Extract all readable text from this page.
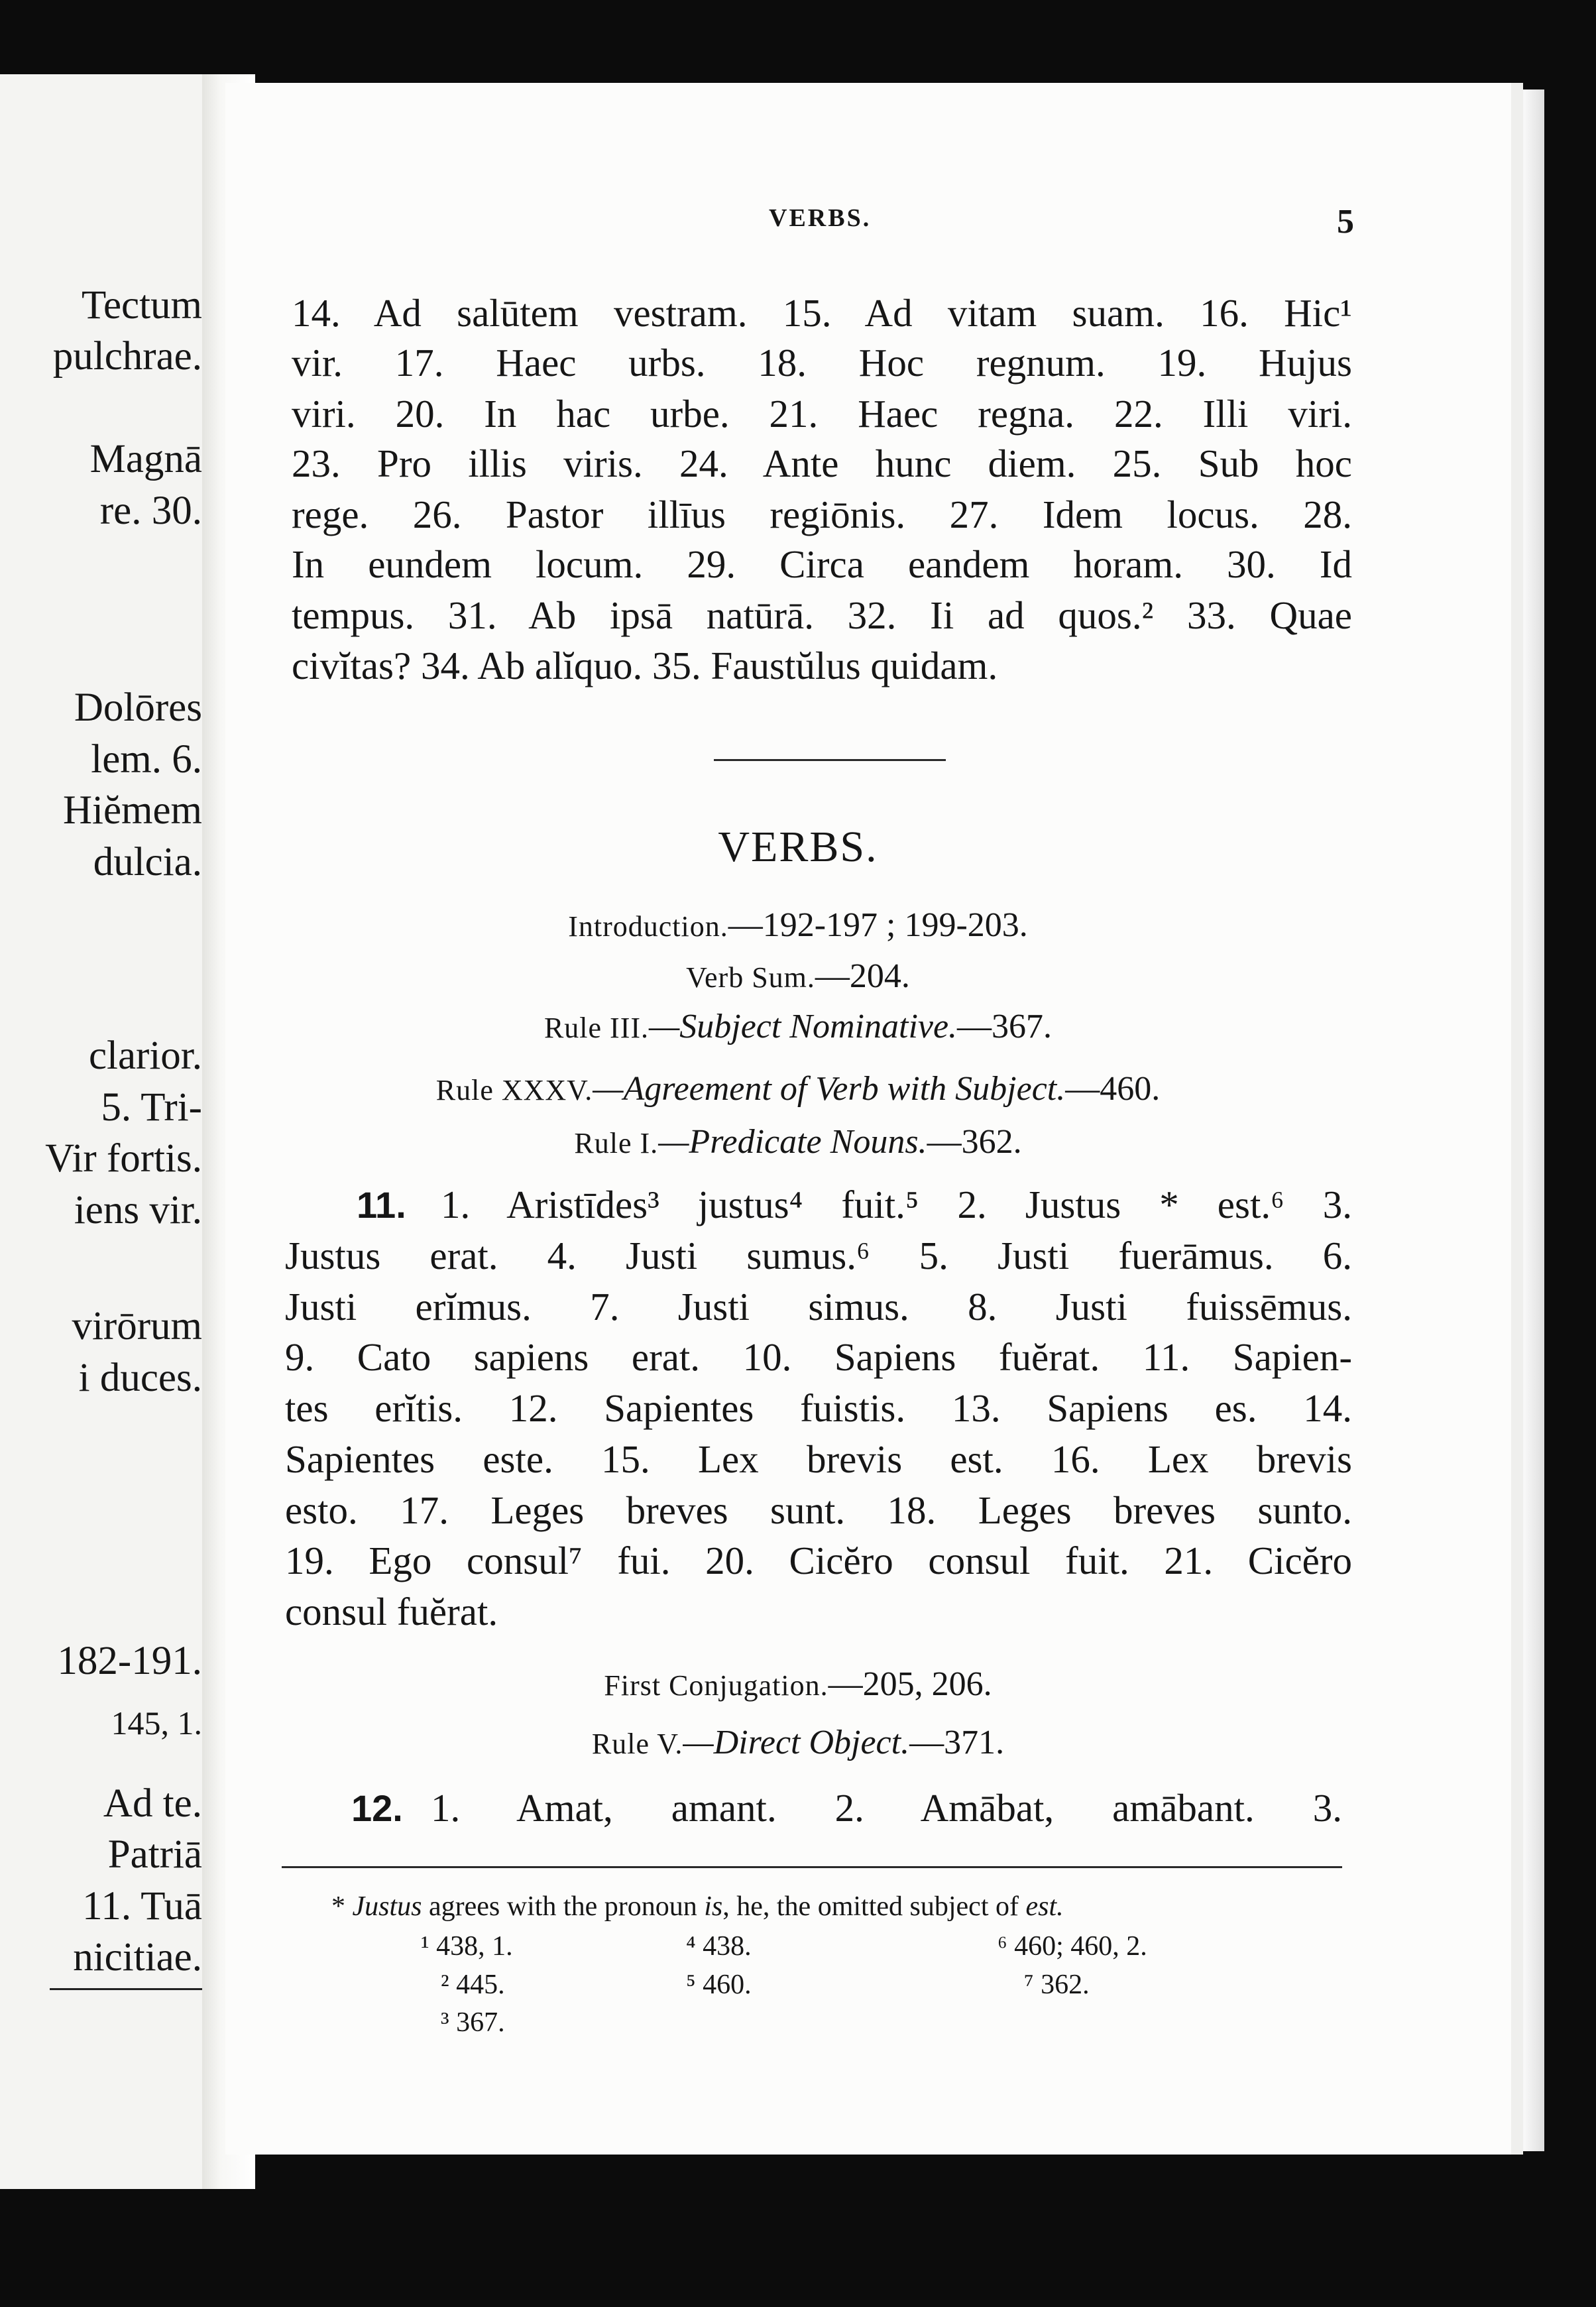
Tectum
pulchrae.
Magnā
re. 30.
Dolōres
lem. 6.
Hiĕmem
dulcia.
clarior.
5. Tri-
Vir fortis.
iens vir.
virōrum
i duces.
182-191.
145, 1.
Ad te.
Patriā
11. Tuā
nicitiae.
VERBS.	5
14. Ad salūtem vestram. 15. Ad vitam suam. 16. Hic¹
vir. 17. Haec urbs. 18. Hoc regnum. 19. Hujus
viri. 20. In hac urbe. 21. Haec regna. 22. Illi viri.
23. Pro illis viris. 24. Ante hunc diem. 25. Sub hoc
rege. 26. Pastor illīus regiōnis. 27. Idem locus. 28.
In eundem locum. 29. Circa eandem horam. 30. Id
tempus. 31. Ab ipsā natūrā. 32. Ii ad quos.² 33. Quae
civĭtas? 34. Ab alĭquo. 35. Faustŭlus quidam.
VERBS.
Introduction.—192-197 ; 199-203.
Verb Sum.—204.
Rule III.—Subject Nominative.—367.
Rule XXXV.—Agreement of Verb with Subject.—460.
Rule I.—Predicate Nouns.—362.
11. 1. Aristīdes³ justus⁴ fuit.⁵ 2. Justus * est.⁶ 3.
Justus erat. 4. Justi sumus.⁶ 5. Justi fuerāmus. 6.
Justi erĭmus. 7. Justi simus. 8. Justi fuissēmus.
9. Cato sapiens erat. 10. Sapiens fuĕrat. 11. Sapien-
tes erĭtis. 12. Sapientes fuistis. 13. Sapiens es. 14.
Sapientes este. 15. Lex brevis est. 16. Lex brevis
esto. 17. Leges breves sunt. 18. Leges breves sunto.
19. Ego consul⁷ fui. 20. Cicĕro consul fuit. 21. Cicĕro
consul fuĕrat.
First Conjugation.—205, 206.
Rule V.—Direct Object.—371.
12. 1. Amat, amant. 2. Amābat, amābant. 3.
* Justus agrees with the pronoun is, he, the omitted subject of est.
¹ 438, 1.
² 445.
³ 367.
⁴ 438.
⁵ 460.
⁶ 460; 460, 2.
⁷ 362.
